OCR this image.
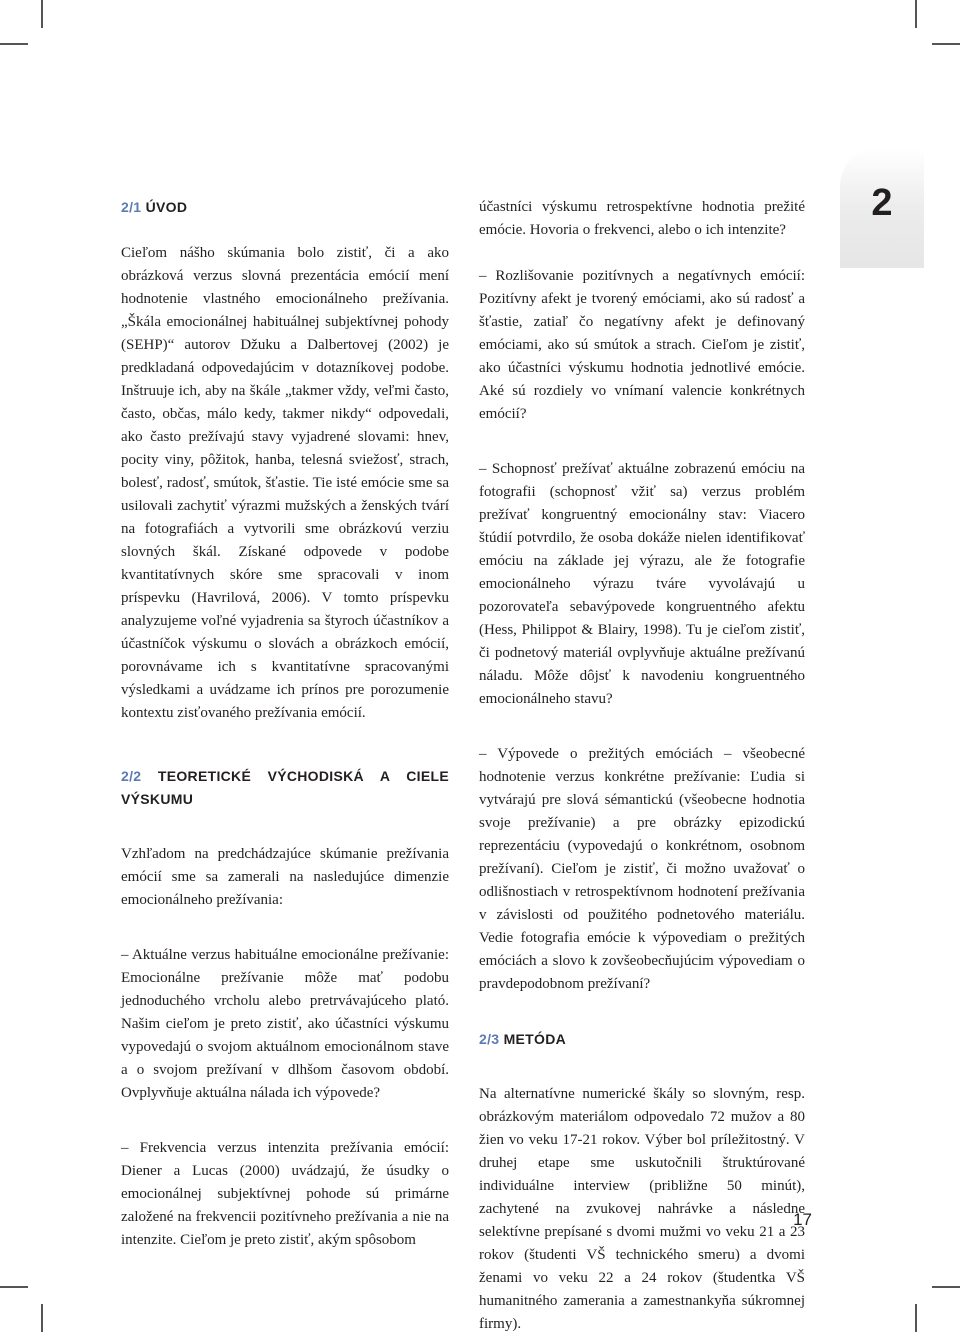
2

2/1 ÚVOD

Cieľom nášho skúmania bolo zistiť, či a ako obrázková verzus slovná prezentácia emócií mení hodnotenie vlastného emocionálneho prežívania. „Škála emocionálnej habituálnej subjektívnej pohody (SEHP)“ autorov Džuku a Dalbertovej (2002) je predkladaná odpovedajúcim v dotazníkovej podobe. Inštruuje ich, aby na škále „takmer vždy, veľmi často, často, občas, málo kedy, takmer nikdy“ odpovedali, ako často prežívajú stavy vyjadrené slovami: hnev, pocity viny, pôžitok, hanba, telesná sviežosť, strach, bolesť, radosť, smútok, šťastie. Tie isté emócie sme sa usilovali zachytiť výrazmi mužských a ženských tvárí na fotografiách a vytvorili sme obrázkovú verziu slovných škál. Získané odpovede v podobe kvantitatívnych skóre sme spracovali v inom príspevku (Havrilová, 2006). V tomto príspevku analyzujeme voľné vyjadrenia sa štyroch účastníkov a účastníčok výskumu o slovách a obrázkoch emócií, porovnávame ich s kvantitatívne spracovanými výsledkami a uvádzame ich prínos pre porozumenie kontextu zisťovaného prežívania emócií.

2/2 TEORETICKÉ VÝCHODISKÁ A CIELE VÝSKUMU

Vzhľadom na predchádzajúce skúmanie prežívania emócií sme sa zamerali na nasledujúce dimenzie emocionálneho prežívania:

– Aktuálne verzus habituálne emocionálne prežívanie: Emocionálne prežívanie môže mať podobu jednoduchého vrcholu alebo pretrvávajúceho plató. Našim cieľom je preto zistiť, ako účastníci výskumu vypovedajú o svojom aktuálnom emocionálnom stave a o svojom prežívaní v dlhšom časovom období. Ovplyvňuje aktuálna nálada ich výpovede?

– Frekvencia verzus intenzita prežívania emócií: Diener a Lucas (2000) uvádzajú, že úsudky o emocionálnej subjektívnej pohode sú primárne založené na frekvencii pozitívneho prežívania a nie na intenzite. Cieľom je preto zistiť, akým spôsobom

účastníci výskumu retrospektívne hodnotia prežité emócie. Hovoria o frekvenci, alebo o ich intenzite?

– Rozlišovanie pozitívnych a negatívnych emócií: Pozitívny afekt je tvorený emóciami, ako sú radosť a šťastie, zatiaľ čo negatívny afekt je definovaný emóciami, ako sú smútok a strach. Cieľom je zistiť, ako účastníci výskumu hodnotia jednotlivé emócie. Aké sú rozdiely vo vnímaní valencie konkrétnych emócií?

– Schopnosť prežívať aktuálne zobrazenú emóciu na fotografii (schopnosť vžiť sa) verzus problém prežívať kongruentný emocionálny stav: Viacero štúdií potvrdilo, že osoba dokáže nielen identifikovať emóciu na základe jej výrazu, ale že fotografie emocionálneho výrazu tváre vyvolávajú u pozorovateľa sebavýpovede kongruentného afektu (Hess, Philippot & Blairy, 1998). Tu je cieľom zistiť, či podnetový materiál ovplyvňuje aktuálne prežívanú náladu. Môže dôjsť k navodeniu kongruentného emocionálneho stavu?

– Výpovede o prežitých emóciách – všeobecné hodnotenie verzus konkrétne prežívanie: Ľudia si vytvárajú pre slová sémantickú (všeobecne hodnotia svoje prežívanie) a pre obrázky epizodickú reprezentáciu (vypovedajú o konkrétnom, osobnom prežívaní). Cieľom je zistiť, či možno uvažovať o odlišnostiach v retrospektívnom hodnotení prežívania v závislosti od použitého podnetového materiálu. Vedie fotografia emócie k výpovediam o prežitých emóciách a slovo k zovšeobecňujúcim výpovediam o pravdepodobnom prežívaní?

2/3 METÓDA

Na alternatívne numerické škály so slovným, resp. obrázkovým materiálom odpovedalo 72 mužov a 80 žien vo veku 17-21 rokov. Výber bol príležitostný. V druhej etape sme uskutočnili štruktúrované individuálne interview (približne 50 minút), zachytené na zvukovej nahrávke a následne selektívne prepísané s dvomi mužmi vo veku 21 a 23 rokov (študenti VŠ technického smeru) a dvomi ženami vo veku 22 a 24 rokov (študentka VŠ humanitného zamerania a zamestnankyňa súkromnej firmy).

17
